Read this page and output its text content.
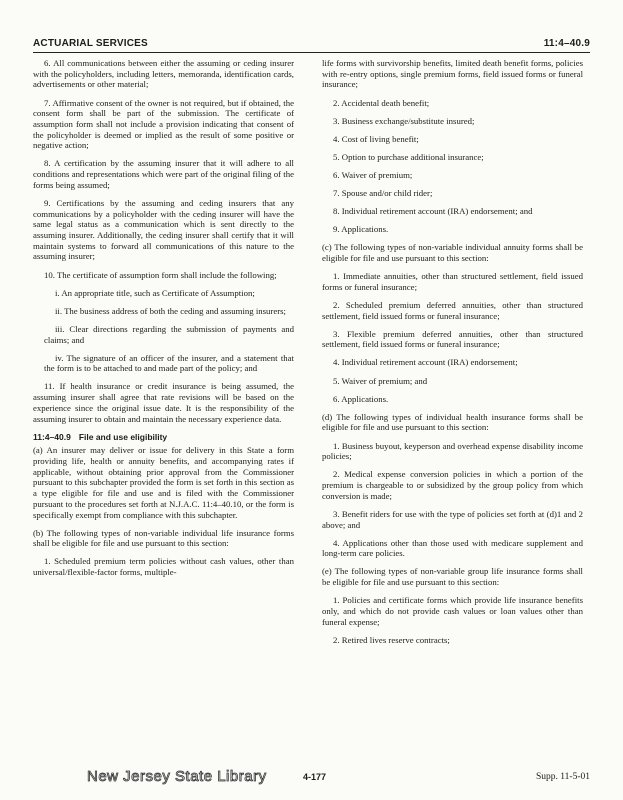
ACTUARIAL SERVICES	11:4–40.9

6. All communications between either the assuming or ceding insurer with the policyholders, including letters, memoranda, identification cards, advertisements or other material;

7. Affirmative consent of the owner is not required, but if obtained, the consent form shall be part of the submission. The certificate of assumption form shall not include a provision indicating that consent of the policyholder is deemed or implied as the result of some positive or negative action;

8. A certification by the assuming insurer that it will adhere to all conditions and representations which were part of the original filing of the forms being assumed;

9. Certifications by the assuming and ceding insurers that any communications by a policyholder with the ceding insurer will have the same legal status as a communication which is sent directly to the assuming insurer. Additionally, the ceding insurer shall certify that it will maintain systems to forward all communications of this nature to the assuming insurer;

10. The certificate of assumption form shall include the following;

i. An appropriate title, such as Certificate of Assumption;

ii. The business address of both the ceding and assuming insurers;

iii. Clear directions regarding the submission of payments and claims; and

iv. The signature of an officer of the insurer, and a statement that the form is to be attached to and made part of the policy; and

11. If health insurance or credit insurance is being assumed, the assuming insurer shall agree that rate revisions will be based on the experience since the original issue date. It is the responsibility of the assuming insurer to obtain and maintain the necessary experience data.

11:4–40.9 File and use eligibility

(a) An insurer may deliver or issue for delivery in this State a form providing life, health or annuity benefits, and accompanying rates if applicable, without obtaining prior approval from the Commissioner pursuant to this subchapter provided the form is set forth in this section as a type eligible for file and use and is filed with the Commissioner pursuant to the procedures set forth at N.J.A.C. 11:4–40.10, or the form is specifically exempt from compliance with this subchapter.

(b) The following types of non-variable individual life insurance forms shall be eligible for file and use pursuant to this section:

1. Scheduled premium term policies without cash values, other than universal/flexible-factor forms, multiple-

life forms with survivorship benefits, limited death benefit forms, policies with re-entry options, single premium forms, field issued forms or funeral insurance;

2. Accidental death benefit;

3. Business exchange/substitute insured;

4. Cost of living benefit;

5. Option to purchase additional insurance;

6. Waiver of premium;

7. Spouse and/or child rider;

8. Individual retirement account (IRA) endorsement; and

9. Applications.

(c) The following types of non-variable individual annuity forms shall be eligible for file and use pursuant to this section:

1. Immediate annuities, other than structured settlement, field issued forms or funeral insurance;

2. Scheduled premium deferred annuities, other than structured settlement, field issued forms or funeral insurance;

3. Flexible premium deferred annuities, other than structured settlement, field issued forms or funeral insurance;

4. Individual retirement account (IRA) endorsement;

5. Waiver of premium; and

6. Applications.

(d) The following types of individual health insurance forms shall be eligible for file and use pursuant to this section:

1. Business buyout, keyperson and overhead expense disability income policies;

2. Medical expense conversion policies in which a portion of the premium is chargeable to or subsidized by the group policy from which conversion is made;

3. Benefit riders for use with the type of policies set forth at (d)1 and 2 above; and

4. Applications other than those used with medicare supplement and long-term care policies.

(e) The following types of non-variable group life insurance forms shall be eligible for file and use pursuant to this section:

1. Policies and certificate forms which provide life insurance benefits only, and which do not provide cash values or loan values other than funeral expense;

2. Retired lives reserve contracts;

New Jersey State Library	4-177	Supp. 11-5-01
